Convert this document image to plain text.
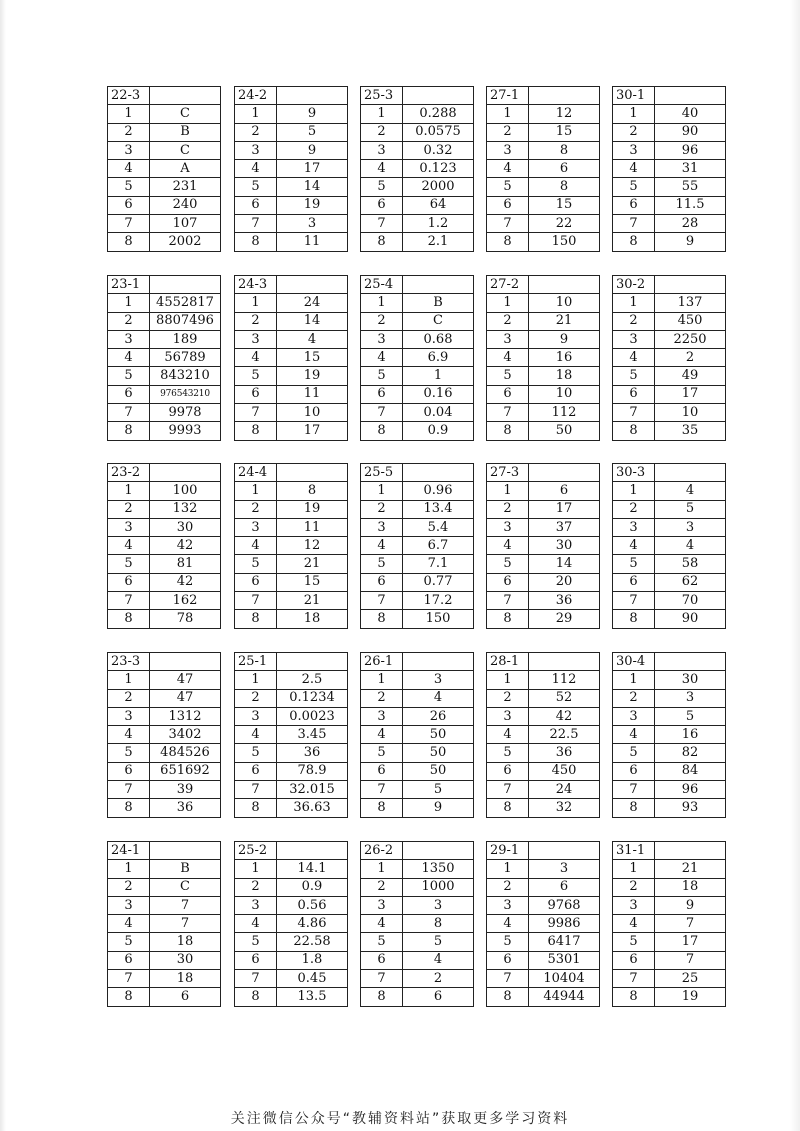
22-3	
1	C
2	B
3	C
4	A
5	231
6	240
7	107
8	2002
24-2	
1	9
2	5
3	9
4	17
5	14
6	19
7	3
8	11
25-3	
1	0.288
2	0.0575
3	0.32
4	0.123
5	2000
6	64
7	1.2
8	2.1
27-1	
1	12
2	15
3	8
4	6
5	8
6	15
7	22
8	150
30-1	
1	40
2	90
3	96
4	31
5	55
6	11.5
7	28
8	9
23-1	
1	4552817
2	8807496
3	189
4	56789
5	843210
6	976543210
7	9978
8	9993
24-3	
1	24
2	14
3	4
4	15
5	19
6	11
7	10
8	17
25-4	
1	B
2	C
3	0.68
4	6.9
5	1
6	0.16
7	0.04
8	0.9
27-2	
1	10
2	21
3	9
4	16
5	18
6	10
7	112
8	50
30-2	
1	137
2	450
3	2250
4	2
5	49
6	17
7	10
8	35
23-2	
1	100
2	132
3	30
4	42
5	81
6	42
7	162
8	78
24-4	
1	8
2	19
3	11
4	12
5	21
6	15
7	21
8	18
25-5	
1	0.96
2	13.4
3	5.4
4	6.7
5	7.1
6	0.77
7	17.2
8	150
27-3	
1	6
2	17
3	37
4	30
5	14
6	20
7	36
8	29
30-3	
1	4
2	5
3	3
4	4
5	58
6	62
7	70
8	90
23-3	
1	47
2	47
3	1312
4	3402
5	484526
6	651692
7	39
8	36
25-1	
1	2.5
2	0.1234
3	0.0023
4	3.45
5	36
6	78.9
7	32.015
8	36.63
26-1	
1	3
2	4
3	26
4	50
5	50
6	50
7	5
8	9
28-1	
1	112
2	52
3	42
4	22.5
5	36
6	450
7	24
8	32
30-4	
1	30
2	3
3	5
4	16
5	82
6	84
7	96
8	93
24-1	
1	B
2	C
3	7
4	7
5	18
6	30
7	18
8	6
25-2	
1	14.1
2	0.9
3	0.56
4	4.86
5	22.58
6	1.8
7	0.45
8	13.5
26-2	
1	1350
2	1000
3	3
4	8
5	5
6	4
7	2
8	6
29-1	
1	3
2	6
3	9768
4	9986
5	6417
6	5301
7	10404
8	44944
31-1	
1	21
2	18
3	9
4	7
5	17
6	7
7	25
8	19
关注微信公众号“教辅资料站”获取更多学习资料
